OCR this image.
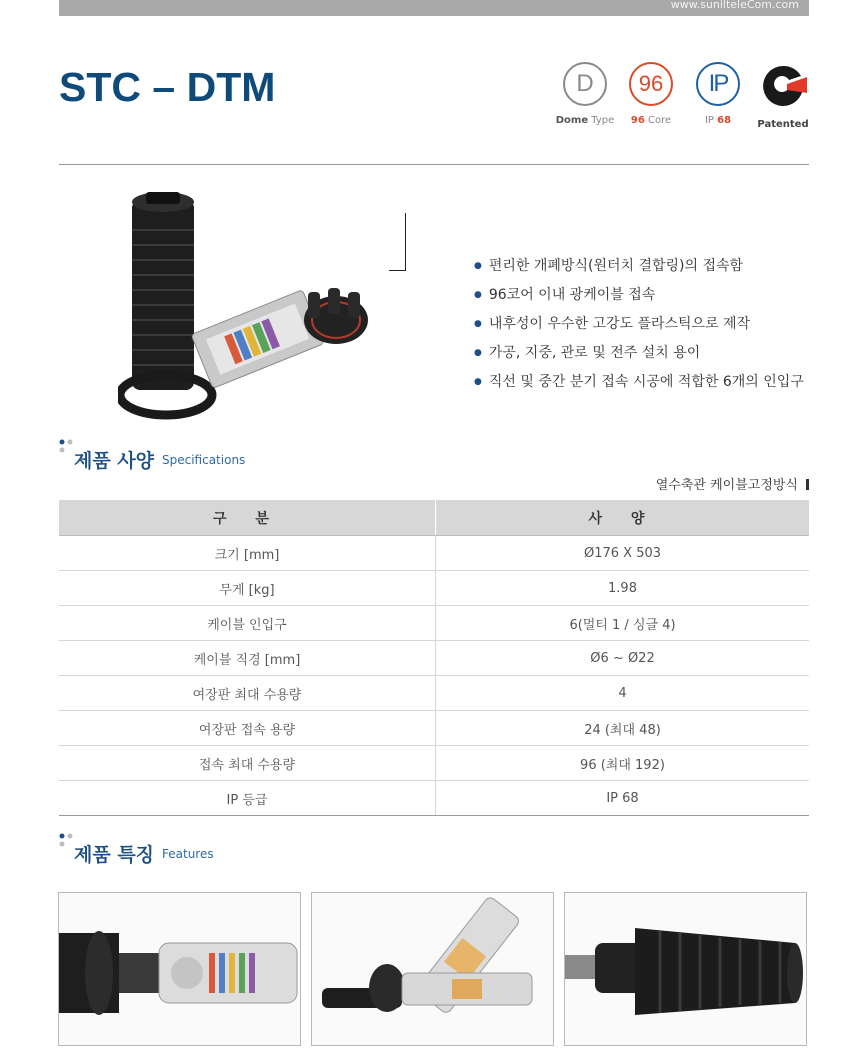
www.sunilteleCom.com
STC – DTM	D
Dome Type
96
96 Core
IP
IP 68	Patented
● 편리한 개폐방식(원터치 결합링)의 접속함
● 96코어 이내 광케이블 접속
● 내후성이 우수한 고강도 플라스틱으로 제작
● 가공, 지중, 관로 및 전주 설치 용이
● 직선 및 중간 분기 접속 시공에 적합한 6개의 인입구
제품 사양 Specifications
열수축관 케이블고정방식
구 분	사 양
크기 [mm]	Ø176 X 503
무게 [kg]	1.98
케이블 인입구	6(멀티 1 / 싱글 4)
케이블 직경 [mm]	Ø6 ~ Ø22
여장판 최대 수용량	4
여장판 접속 용량	24 (최대 48)
접속 최대 수용량	96 (최대 192)
IP 등급	IP 68
제품 특징 Features
